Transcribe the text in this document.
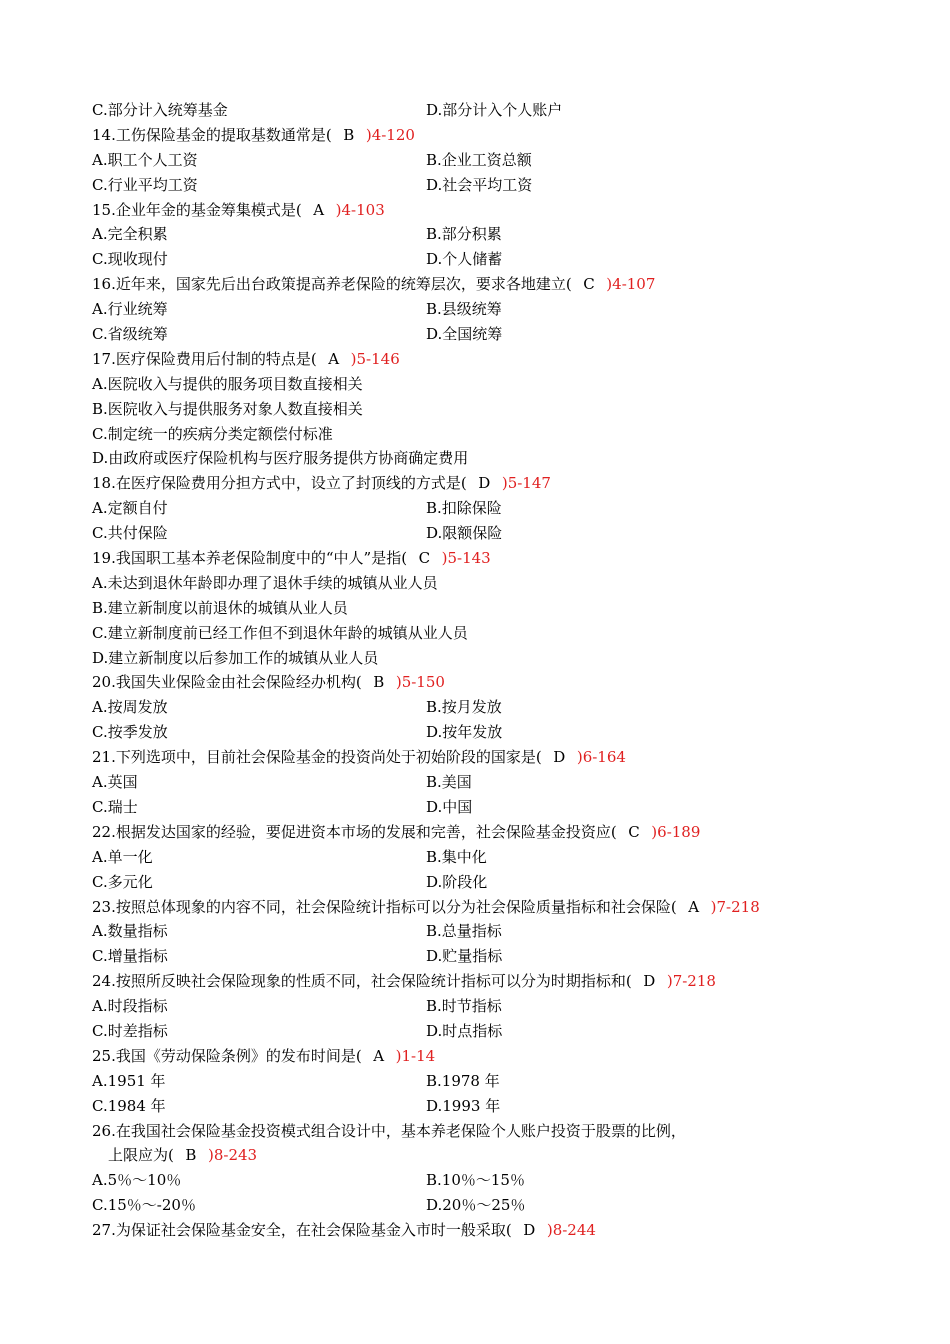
C.部分计入统筹基金	D.部分计入个人账户
14.工伤保险基金的提取基数通常是( B )4-120
A.职工个人工资	B.企业工资总额
C.行业平均工资	D.社会平均工资
15.企业年金的基金筹集模式是( A )4-103
A.完全积累	B.部分积累
C.现收现付	D.个人储蓄
16.近年来，国家先后出台政策提高养老保险的统筹层次，要求各地建立( C )4-107
A.行业统筹	B.县级统筹
C.省级统筹	D.全国统筹
17.医疗保险费用后付制的特点是( A )5-146
A.医院收入与提供的服务项目数直接相关
B.医院收入与提供服务对象人数直接相关
C.制定统一的疾病分类定额偿付标准
D.由政府或医疗保险机构与医疗服务提供方协商确定费用
18.在医疗保险费用分担方式中，设立了封顶线的方式是( D )5-147
A.定额自付	B.扣除保险
C.共付保险	D.限额保险
19.我国职工基本养老保险制度中的“中人”是指( C )5-143
A.未达到退休年龄即办理了退休手续的城镇从业人员
B.建立新制度以前退休的城镇从业人员
C.建立新制度前已经工作但不到退休年龄的城镇从业人员
D.建立新制度以后参加工作的城镇从业人员
20.我国失业保险金由社会保险经办机构( B )5-150
A.按周发放	B.按月发放
C.按季发放	D.按年发放
21.下列选项中，目前社会保险基金的投资尚处于初始阶段的国家是( D )6-164
A.英国	B.美国
C.瑞士	D.中国
22.根据发达国家的经验，要促进资本市场的发展和完善，社会保险基金投资应( C )6-189
A.单一化	B.集中化
C.多元化	D.阶段化
23.按照总体现象的内容不同，社会保险统计指标可以分为社会保险质量指标和社会保险( A )7-218
A.数量指标	B.总量指标
C.增量指标	D.贮量指标
24.按照所反映社会保险现象的性质不同，社会保险统计指标可以分为时期指标和( D )7-218
A.时段指标	B.时节指标
C.时差指标	D.时点指标
25.我国《劳动保险条例》的发布时间是( A )1-14
A.1951 年	B.1978 年
C.1984 年	D.1993 年
26.在我国社会保险基金投资模式组合设计中，基本养老保险个人账户投资于股票的比例，
上限应为( B )8-243
A.5％～10％	B.10％～15％
C.15％～-20％	D.20％～25％
27.为保证社会保险基金安全，在社会保险基金入市时一般采取( D )8-244
